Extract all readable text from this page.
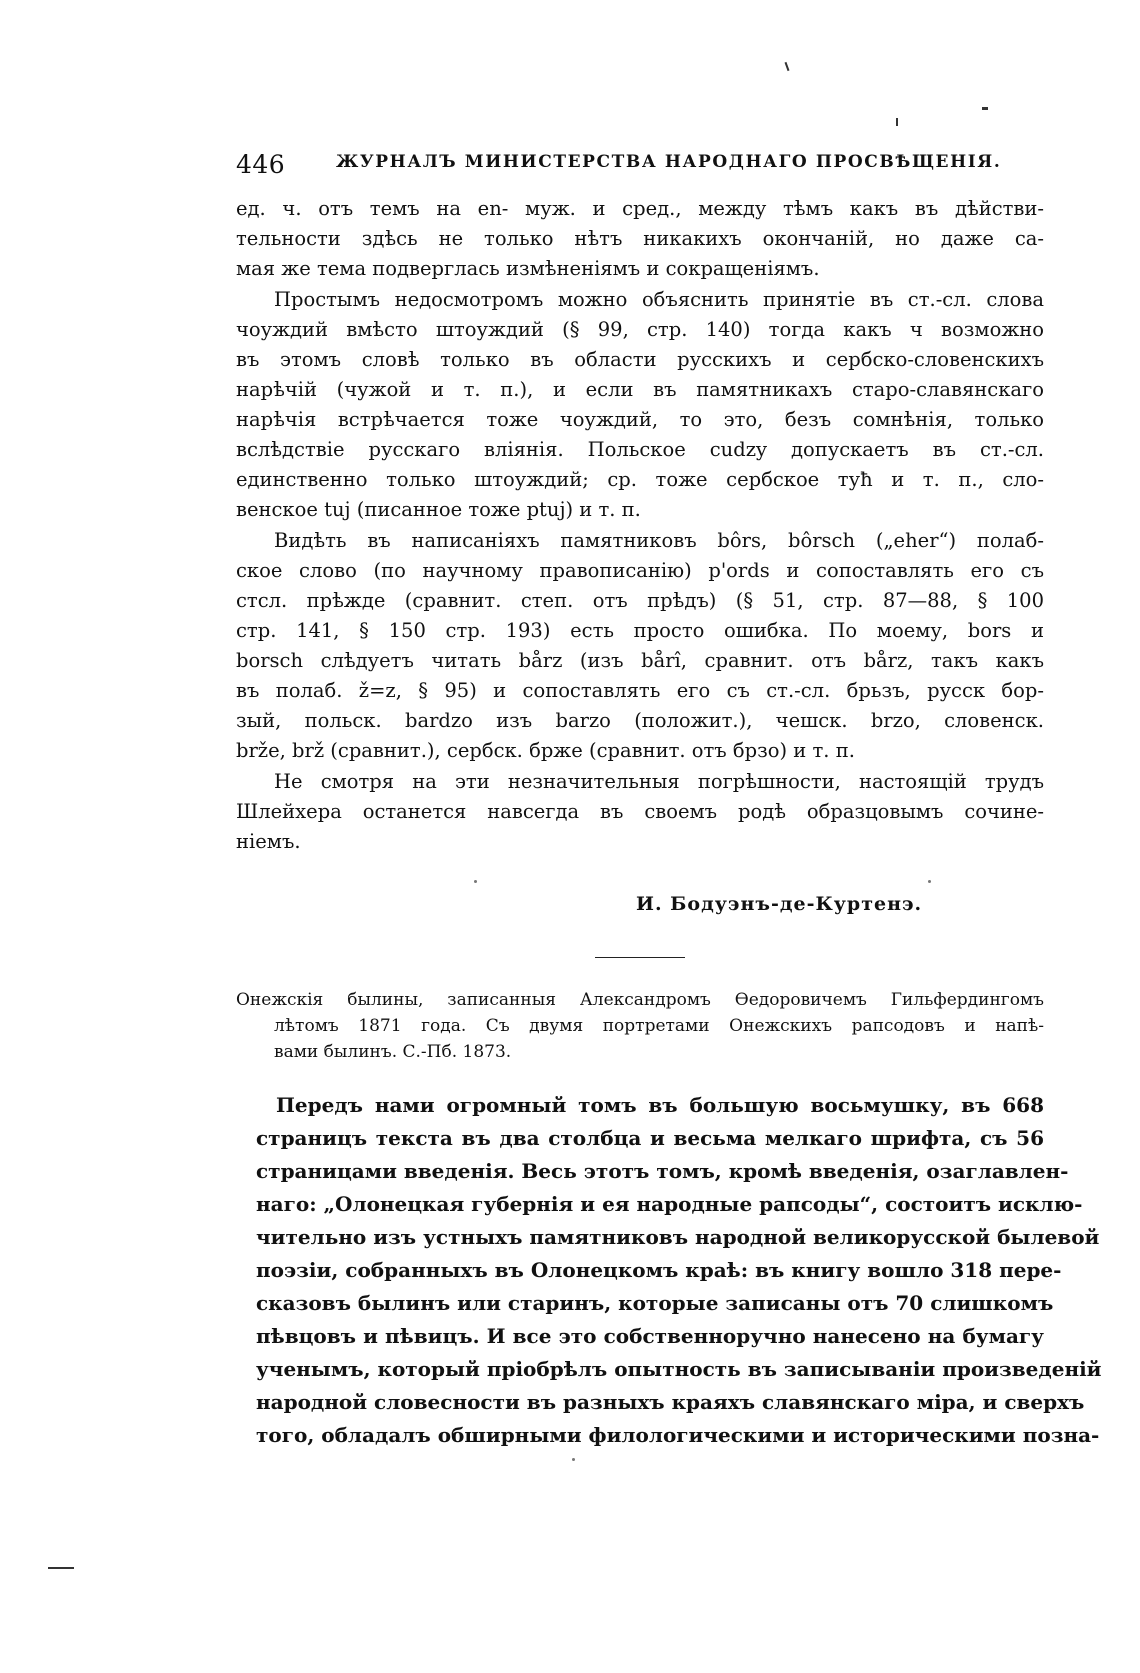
446	ЖУРНАЛЪ МИНИСТЕРСТВА НАРОДНАГО ПРОСВѢЩЕНІЯ.
ед. ч. отъ темъ на en- муж. и сред., между тѣмъ какъ въ дѣйстви-
тельности здѣсь не только нѣтъ никакихъ окончаній, но даже са-
мая же тема подверглась измѣненіямъ и сокращеніямъ.
Простымъ недосмотромъ можно объяснить принятіе въ ст.-сл. слова
чоуждий вмѣсто штоуждий (§ 99, стр. 140) тогда какъ ч возможно
въ этомъ словѣ только въ области русскихъ и сербско-словенскихъ
нарѣчій (чужой и т. п.), и если въ памятникахъ старо-славянскаго
нарѣчія встрѣчается тоже чоуждий, то это, безъ сомнѣнія, только
вслѣдствіе русскаго вліянія. Польское cudzy допускаетъ въ ст.-сл.
единственно только штоуждий; ср. тоже сербское туħ и т. п., сло-
венское tuj (писанное тоже ptuj) и т. п.
Видѣть въ написаніяхъ памятниковъ bôrs, bôrsch („eher“) полаб-
ское слово (по научному правописанію) p'ords и сопоставлять его съ
стсл. прѣжде (сравнит. степ. отъ прѣдъ) (§ 51, стр. 87—88, § 100
стр. 141, § 150 стр. 193) есть просто ошибка. По моему, bors и
borsch слѣдуетъ читать bårz (изъ bårî, сравнит. отъ bårz, такъ какъ
въ полаб. ž=z, § 95) и сопоставлять его съ ст.-сл. брьзъ, русск бор-
зый, польск. bardzo изъ barzo (положит.), чешск. brzo, словенск.
brže, brž (сравнит.), сербск. бржe (сравнит. отъ брзо) и т. п.
Не смотря на эти незначительныя погрѣшности, настоящій трудъ
Шлейхера останется навсегда въ своемъ родѣ образцовымъ сочине-
ніемъ.
И. Бодуэнъ-де-Куртенэ.
Онежскія былины, записанныя Александромъ Ѳедоровичемъ Гильфердингомъ
лѣтомъ 1871 года. Съ двумя портретами Онежскихъ рапсодовъ и напѣ-
вами былинъ. С.-Пб. 1873.
Передъ нами огромный томъ въ большую восьмушку, въ 668
страницъ текста въ два столбца и весьма мелкаго шрифта, съ 56
страницами введенія. Весь этотъ томъ, кромѣ введенія, озаглавлен-
наго: „Олонецкая губернія и ея народные рапсоды“, состоитъ исклю-
чительно изъ устныхъ памятниковъ народной великорусской былевой
поэзіи, собранныхъ въ Олонецкомъ краѣ: въ книгу вошло 318 пере-
сказовъ былинъ или старинъ, которые записаны отъ 70 слишкомъ
пѣвцовъ и пѣвицъ. И все это собственноручно нанесено на бумагу
ученымъ, который пріобрѣлъ опытность въ записываніи произведеній
народной словесности въ разныхъ краяхъ славянскаго міра, и сверхъ
того, обладалъ обширными филологическими и историческими позна-
